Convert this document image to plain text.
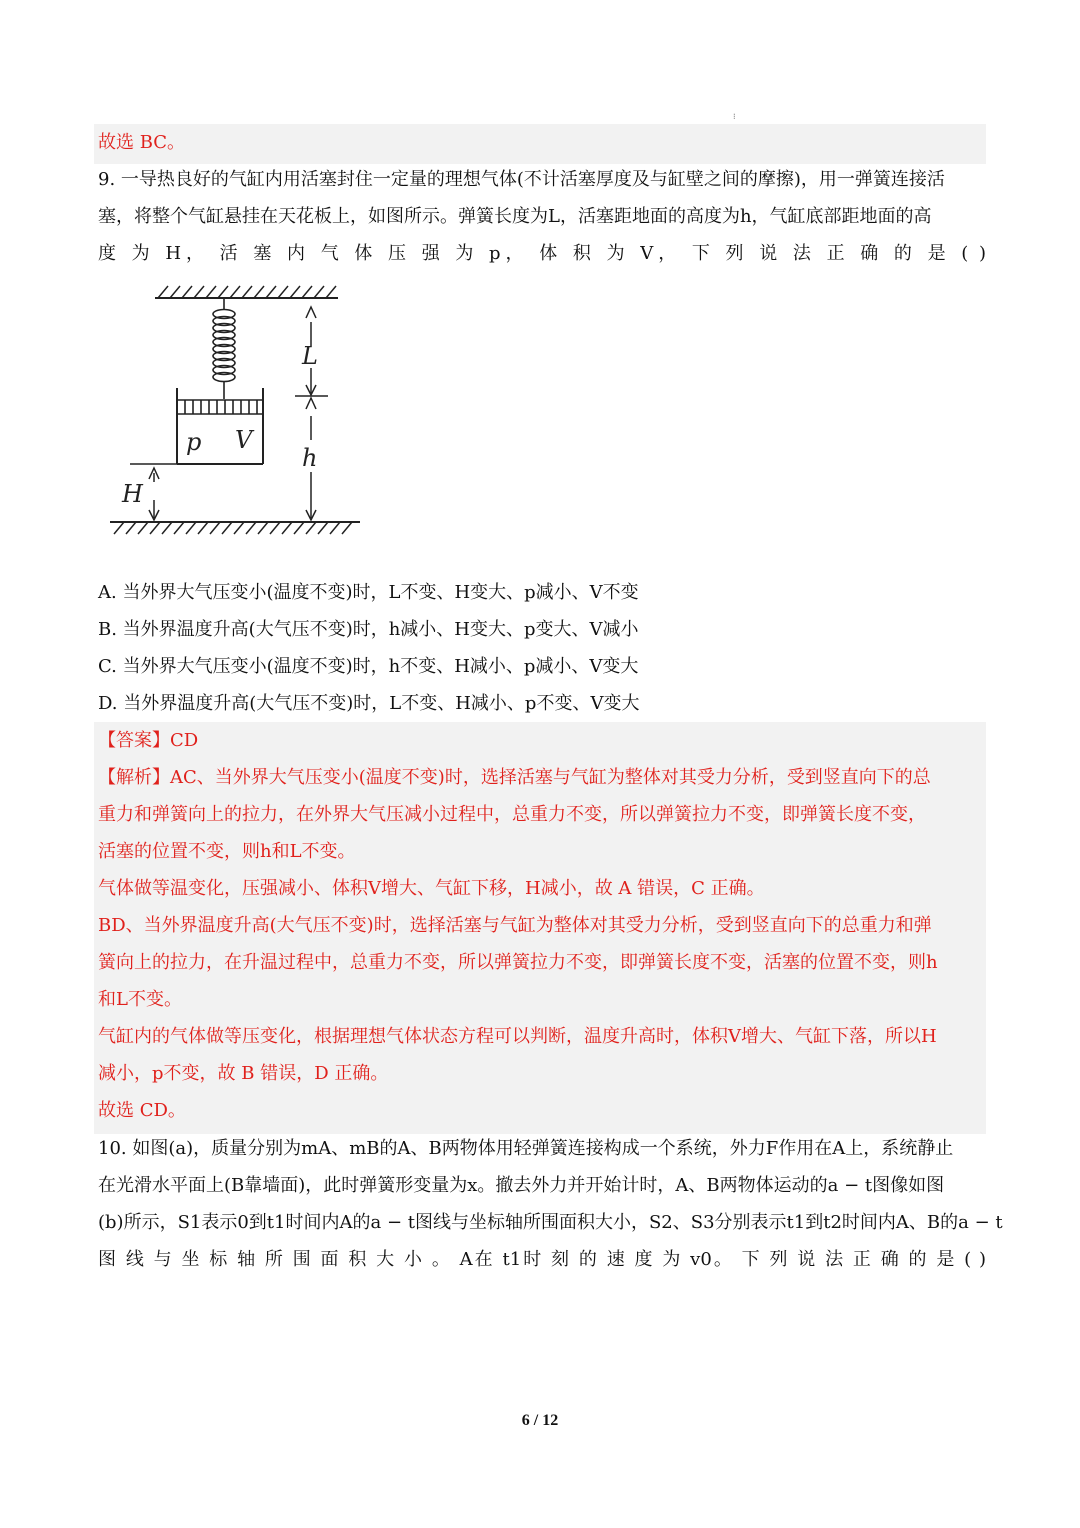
⁝
故选 BC。
9. 一导热良好的气缸内用活塞封住一定量的理想气体(不计活塞厚度及与缸壁之间的摩擦)，用一弹簧连接活
塞，将整个气缸悬挂在天花板上，如图所示。弹簧长度为L，活塞距地面的高度为h，气缸底部距地面的高
度 为 H， 活 塞 内 气 体 压 强 为 p， 体 积 为 V， 下 列 说 法 正 确 的 是 ( )
L
h
H
p V
A. 当外界大气压变小(温度不变)时，L不变、H变大、p减小、V不变
B. 当外界温度升高(大气压不变)时，h减小、H变大、p变大、V减小
C. 当外界大气压变小(温度不变)时，h不变、H减小、p减小、V变大
D. 当外界温度升高(大气压不变)时，L不变、H减小、p不变、V变大
【答案】CD
【解析】AC、当外界大气压变小(温度不变)时，选择活塞与气缸为整体对其受力分析，受到竖直向下的总
重力和弹簧向上的拉力，在外界大气压减小过程中，总重力不变，所以弹簧拉力不变，即弹簧长度不变，
活塞的位置不变，则h和L不变。
气体做等温变化，压强减小、体积V增大、气缸下移，H减小，故 A 错误，C 正确。
BD、当外界温度升高(大气压不变)时，选择活塞与气缸为整体对其受力分析，受到竖直向下的总重力和弹
簧向上的拉力，在升温过程中，总重力不变，所以弹簧拉力不变，即弹簧长度不变，活塞的位置不变，则h
和L不变。
气缸内的气体做等压变化，根据理想气体状态方程可以判断，温度升高时，体积V增大、气缸下落，所以H
减小，p不变，故 B 错误，D 正确。
故选 CD。
10. 如图(a)，质量分别为mA、mB的A、B两物体用轻弹簧连接构成一个系统，外力F作用在A上，系统静止
在光滑水平面上(B靠墙面)，此时弹簧形变量为x。撤去外力并开始计时，A、B两物体运动的a − t图像如图
(b)所示，S1表示0到t1时间内A的a − t图线与坐标轴所围面积大小，S2、S3分别表示t1到t2时间内A、B的a − t
图 线 与 坐 标 轴 所 围 面 积 大 小 。 A在 t1时 刻 的 速 度 为 v0。 下 列 说 法 正 确 的 是 ( )
6 / 12
